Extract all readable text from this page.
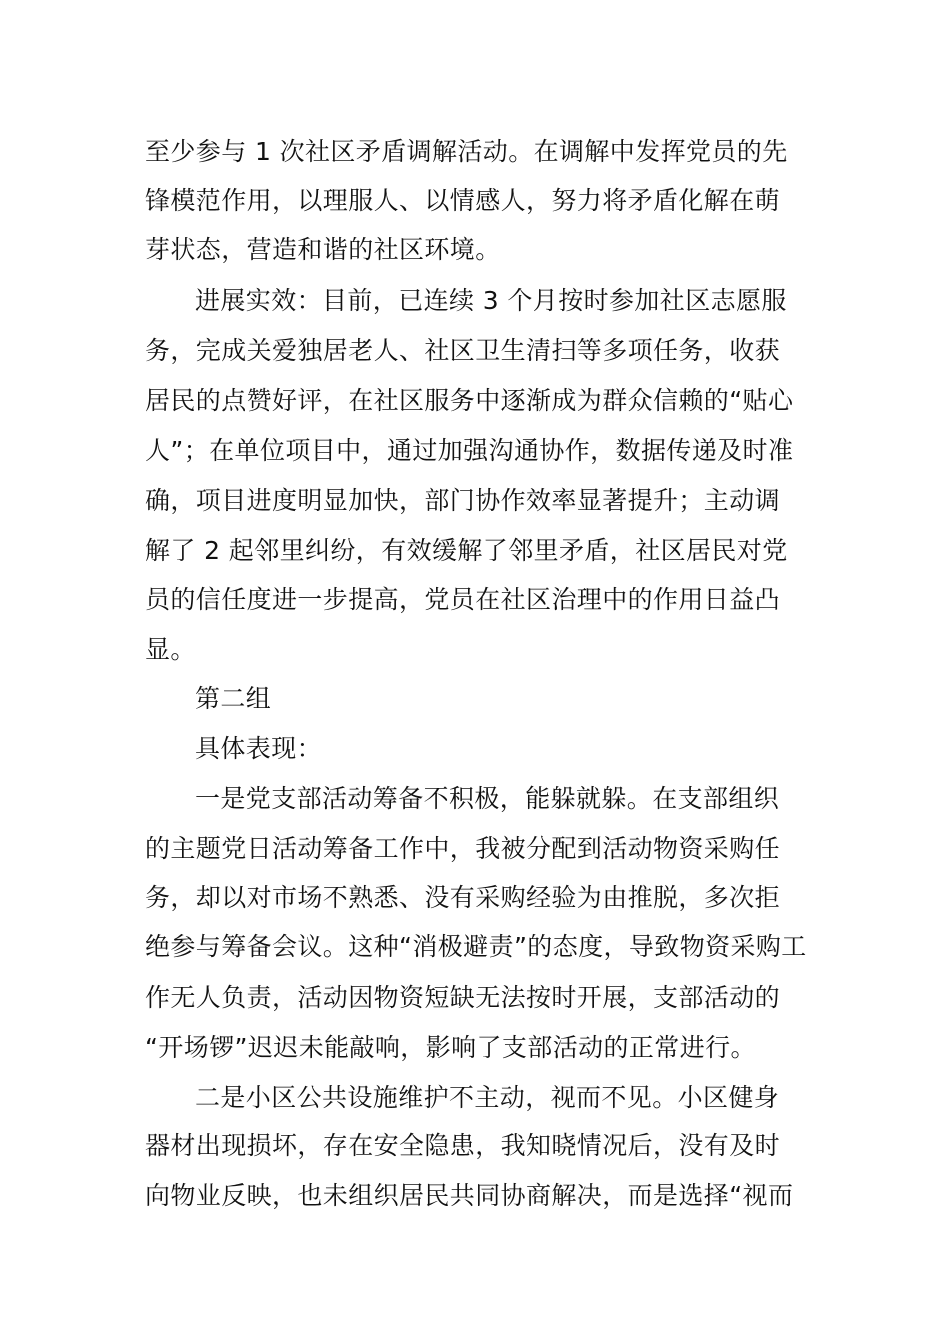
至少参与 1 次社区矛盾调解活动。在调解中发挥党员的先
锋模范作用，以理服人、以情感人，努力将矛盾化解在萌
芽状态，营造和谐的社区环境。
进展实效：目前，已连续 3 个月按时参加社区志愿服
务，完成关爱独居老人、社区卫生清扫等多项任务，收获
居民的点赞好评，在社区服务中逐渐成为群众信赖的“贴心
人”；在单位项目中，通过加强沟通协作，数据传递及时准
确，项目进度明显加快，部门协作效率显著提升；主动调
解了 2 起邻里纠纷，有效缓解了邻里矛盾，社区居民对党
员的信任度进一步提高，党员在社区治理中的作用日益凸
显。
第二组
具体表现：
一是党支部活动筹备不积极，能躲就躲。在支部组织
的主题党日活动筹备工作中，我被分配到活动物资采购任
务，却以对市场不熟悉、没有采购经验为由推脱，多次拒
绝参与筹备会议。这种“消极避责”的态度，导致物资采购工
作无人负责，活动因物资短缺无法按时开展，支部活动的
“开场锣”迟迟未能敲响，影响了支部活动的正常进行。
二是小区公共设施维护不主动，视而不见。小区健身
器材出现损坏，存在安全隐患，我知晓情况后，没有及时
向物业反映，也未组织居民共同协商解决，而是选择“视而
